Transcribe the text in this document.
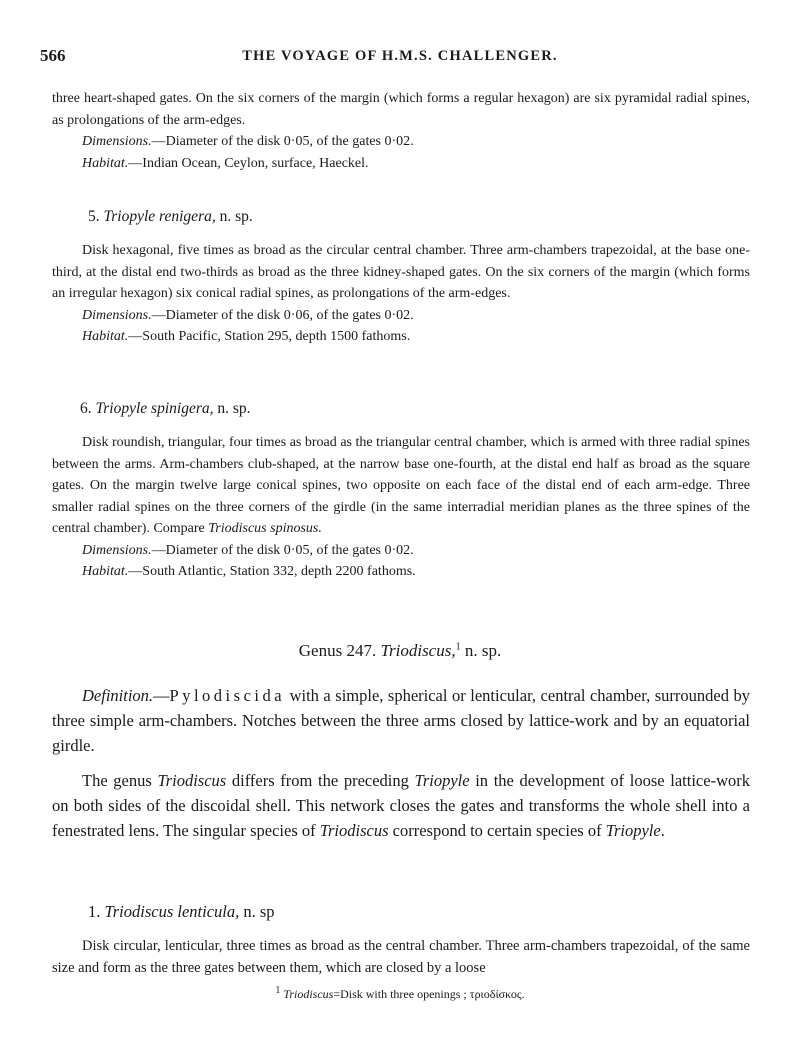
566	THE VOYAGE OF H.M.S. CHALLENGER.

three heart-shaped gates. On the six corners of the margin (which forms a regular hexagon) are six pyramidal radial spines, as prolongations of the arm-edges.

Dimensions.—Diameter of the disk 0·05, of the gates 0·02.

Habitat.—Indian Ocean, Ceylon, surface, Haeckel.

5. Triopyle renigera, n. sp.

Disk hexagonal, five times as broad as the circular central chamber. Three arm-chambers trapezoidal, at the base one-third, at the distal end two-thirds as broad as the three kidney-shaped gates. On the six corners of the margin (which forms an irregular hexagon) six conical radial spines, as prolongations of the arm-edges.

Dimensions.—Diameter of the disk 0·06, of the gates 0·02.

Habitat.—South Pacific, Station 295, depth 1500 fathoms.

6. Triopyle spinigera, n. sp.

Disk roundish, triangular, four times as broad as the triangular central chamber, which is armed with three radial spines between the arms. Arm-chambers club-shaped, at the narrow base one-fourth, at the distal end half as broad as the square gates. On the margin twelve large conical spines, two opposite on each face of the distal end of each arm-edge. Three smaller radial spines on the three corners of the girdle (in the same interradial meridian planes as the three spines of the central chamber). Compare Triodiscus spinosus.

Dimensions.—Diameter of the disk 0·05, of the gates 0·02.

Habitat.—South Atlantic, Station 332, depth 2200 fathoms.

Genus 247. Triodiscus,$^1$ n. sp.

Definition.—Pylodiscida with a simple, spherical or lenticular, central chamber, surrounded by three simple arm-chambers. Notches between the three arms closed by lattice-work and by an equatorial girdle.

The genus Triodiscus differs from the preceding Triopyle in the development of loose lattice-work on both sides of the discoidal shell. This network closes the gates and transforms the whole shell into a fenestrated lens. The singular species of Triodiscus correspond to certain species of Triopyle.

1. Triodiscus lenticula, n. sp

Disk circular, lenticular, three times as broad as the central chamber. Three arm-chambers trapezoidal, of the same size and form as the three gates between them, which are closed by a loose

$^1$ Triodiscus=Disk with three openings ; τριοδίσκος.
